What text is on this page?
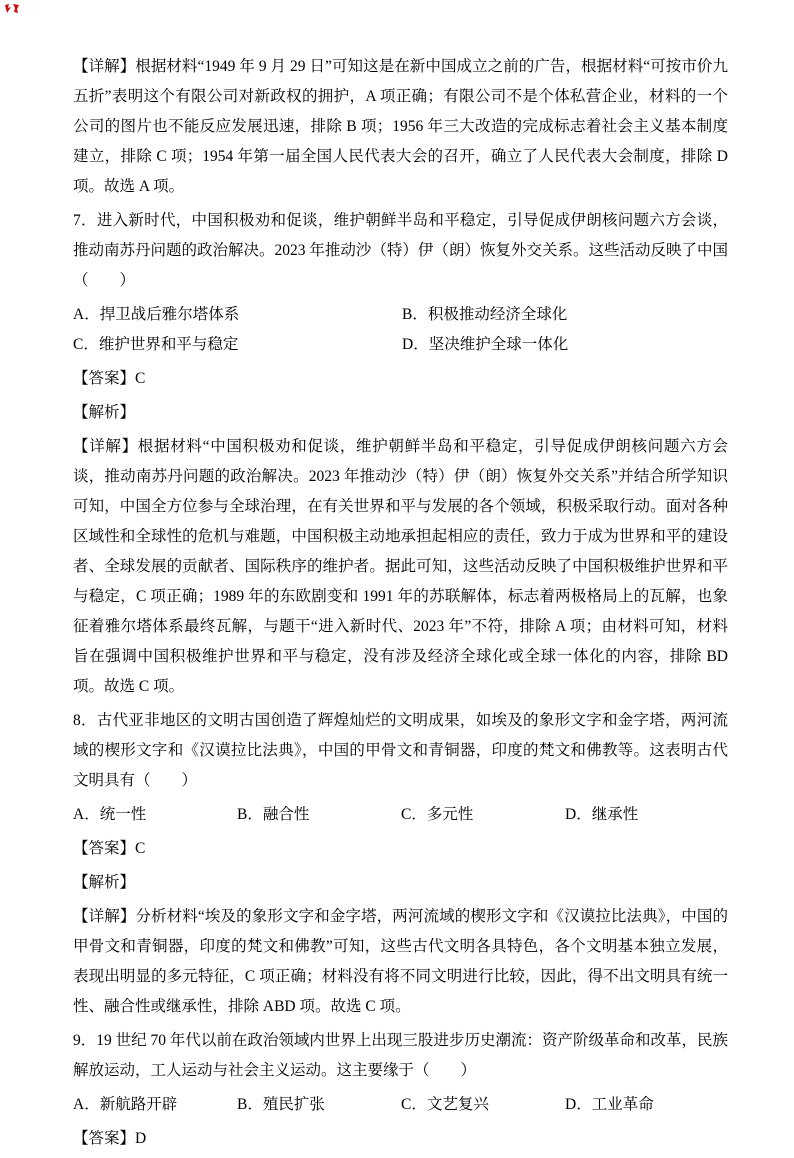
【详解】根据材料“1949 年 9 月 29 日”可知这是在新中国成立之前的广告，根据材料“可按市价九五折”表明这个有限公司对新政权的拥护，A 项正确；有限公司不是个体私营企业，材料的一个公司的图片也不能反应发展迅速，排除 B 项；1956 年三大改造的完成标志着社会主义基本制度建立，排除 C 项；1954 年第一届全国人民代表大会的召开，确立了人民代表大会制度，排除 D 项。故选 A 项。

7．进入新时代，中国积极劝和促谈，维护朝鲜半岛和平稳定，引导促成伊朗核问题六方会谈，推动南苏丹问题的政治解决。2023 年推动沙（特）伊（朗）恢复外交关系。这些活动反映了中国（　　）

A．捍卫战后雅尔塔体系	B．积极推动经济全球化
C．维护世界和平与稳定	D．坚决维护全球一体化

【答案】C

【解析】

【详解】根据材料“中国积极劝和促谈，维护朝鲜半岛和平稳定，引导促成伊朗核问题六方会谈，推动南苏丹问题的政治解决。2023 年推动沙（特）伊（朗）恢复外交关系”并结合所学知识可知，中国全方位参与全球治理，在有关世界和平与发展的各个领域，积极采取行动。面对各种区域性和全球性的危机与难题，中国积极主动地承担起相应的责任，致力于成为世界和平的建设者、全球发展的贡献者、国际秩序的维护者。据此可知，这些活动反映了中国积极维护世界和平与稳定，C 项正确；1989 年的东欧剧变和 1991 年的苏联解体，标志着两极格局上的瓦解，也象征着雅尔塔体系最终瓦解，与题干“进入新时代、2023 年”不符，排除 A 项；由材料可知，材料旨在强调中国积极维护世界和平与稳定，没有涉及经济全球化或全球一体化的内容，排除 BD 项。故选 C 项。

8．古代亚非地区的文明古国创造了辉煌灿烂的文明成果，如埃及的象形文字和金字塔，两河流域的楔形文字和《汉谟拉比法典》，中国的甲骨文和青铜器，印度的梵文和佛教等。这表明古代文明具有（　　）

A．统一性	B．融合性	C．多元性	D．继承性

【答案】C

【解析】

【详解】分析材料“埃及的象形文字和金字塔，两河流域的楔形文字和《汉谟拉比法典》，中国的甲骨文和青铜器，印度的梵文和佛教”可知，这些古代文明各具特色，各个文明基本独立发展，表现出明显的多元特征，C 项正确；材料没有将不同文明进行比较，因此，得不出文明具有统一性、融合性或继承性，排除 ABD 项。故选 C 项。

9．19 世纪 70 年代以前在政治领域内世界上出现三股进步历史潮流：资产阶级革命和改革，民族解放运动，工人运动与社会主义运动。这主要缘于（　　）

A．新航路开辟	B．殖民扩张	C．文艺复兴	D．工业革命

【答案】D
